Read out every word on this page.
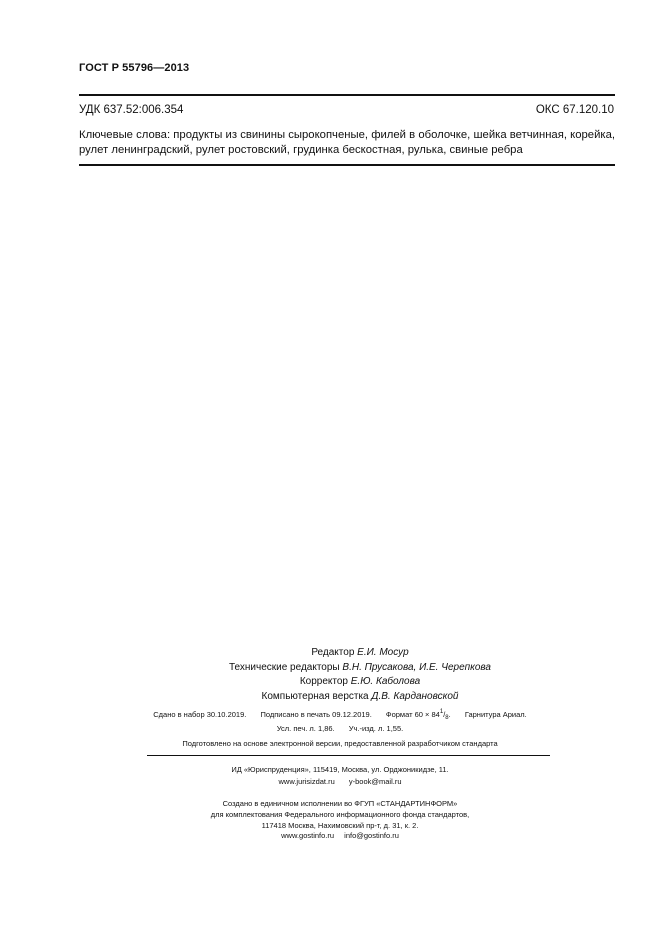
ГОСТ Р 55796—2013
УДК 637.52:006.354	ОКС 67.120.10
Ключевые слова: продукты из свинины сырокопченые, филей в оболочке, шейка ветчинная, корейка, рулет ленинградский, рулет ростовский, грудинка бескостная, рулька, свиные ребра
Редактор Е.И. Мосур
Технические редакторы В.Н. Прусакова, И.Е. Черепкова
Корректор Е.Ю. Каболова
Компьютерная верстка Д.В. Кардановской
Сдано в набор 30.10.2019. Подписано в печать 09.12.2019. Формат $60 \times 84^1/_8$. Гарнитура Ариал.
Усл. печ. л. 1,86. Уч.-изд. л. 1,55.
Подготовлено на основе электронной версии, предоставленной разработчиком стандарта
ИД «Юриспруденция», 115419, Москва, ул. Орджоникидзе, 11.
www.jurisizdat.ru y-book@mail.ru
Создано в единичном исполнении во ФГУП «СТАНДАРТИНФОРМ»
для комплектования Федерального информационного фонда стандартов,
117418 Москва, Нахимовский пр-т, д. 31, к. 2.
www.gostinfo.ru info@gostinfo.ru
